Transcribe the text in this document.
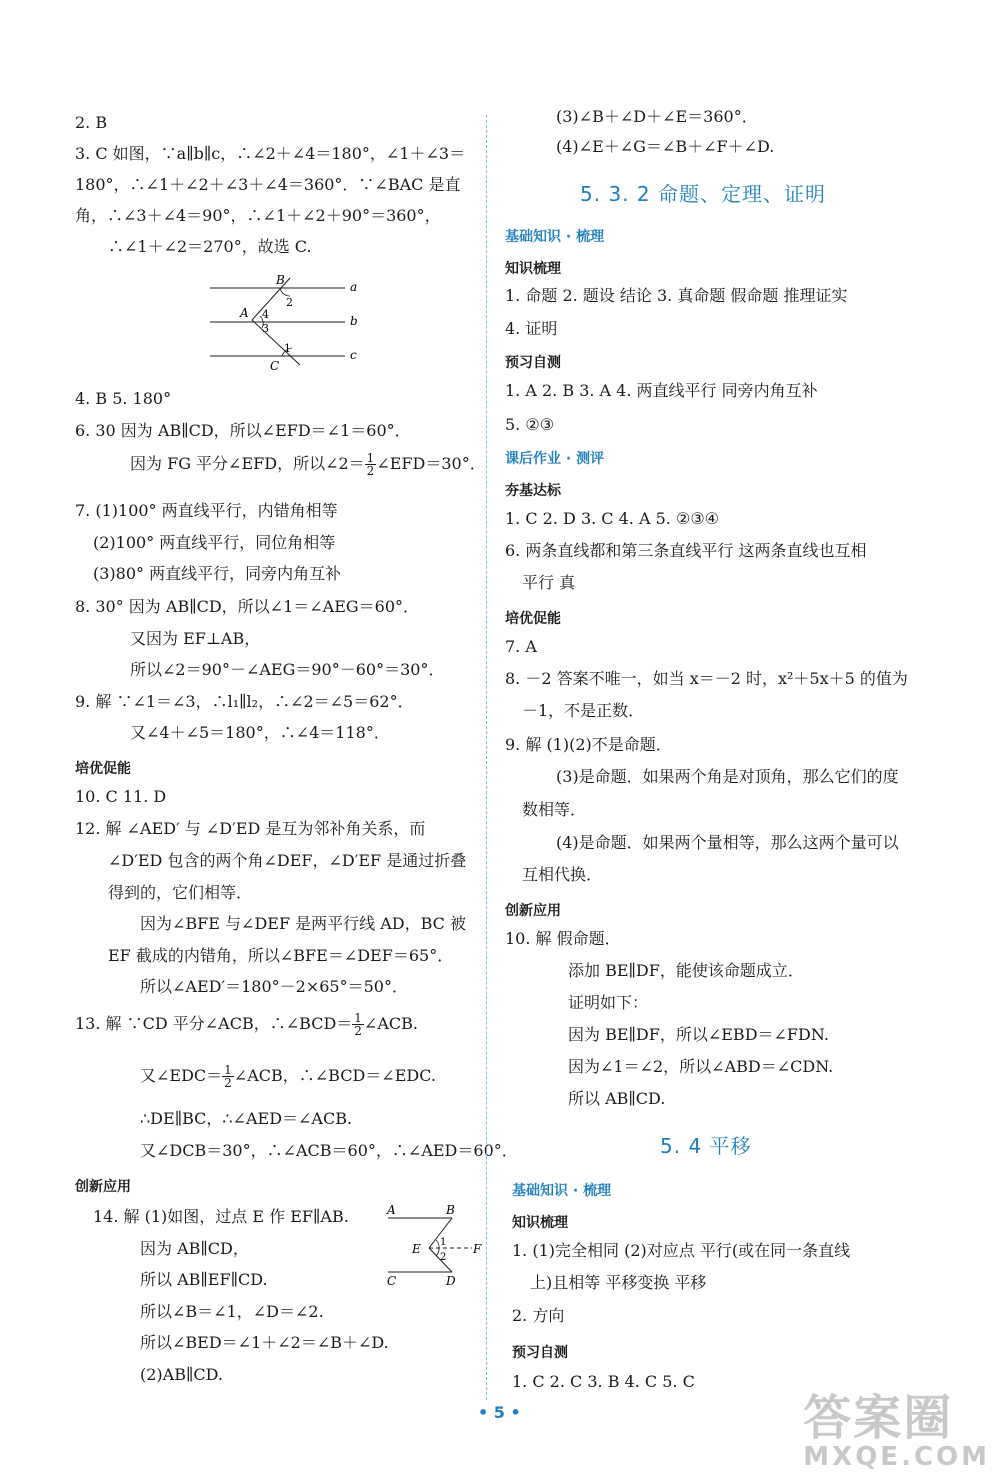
2. B
3. C 如图，∵a∥b∥c，∴∠2＋∠4＝180°，∠1＋∠3＝
180°，∴∠1＋∠2＋∠3＋∠4＝360°．∵∠BAC 是直
角，∴∠3＋∠4＝90°，∴∠1＋∠2＋90°＝360°，
∴∠1＋∠2＝270°，故选 C.
B
A
C
a
b
c
2
4
3
1
4. B 5. 180°
6. 30 因为 AB∥CD，所以∠EFD＝∠1＝60°．
因为 FG 平分∠EFD，所以∠2＝ $\frac{1}{2}$ ∠EFD＝30°．
7. (1)100° 两直线平行，内错角相等
(2)100° 两直线平行，同位角相等
(3)80° 两直线平行，同旁内角互补
8. 30° 因为 AB∥CD，所以∠1＝∠AEG＝60°．
又因为 EF⊥AB，
所以∠2＝90°－∠AEG＝90°－60°＝30°．
9. 解 ∵∠1＝∠3，∴l₁∥l₂，∴∠2＝∠5＝62°．
又∠4＋∠5＝180°，∴∠4＝118°．
培优促能
10. C 11. D
12. 解 ∠AED′ 与 ∠D′ED 是互为邻补角关系，而
∠D′ED 包含的两个角∠DEF，∠D′EF 是通过折叠
得到的，它们相等．
因为∠BFE 与∠DEF 是两平行线 AD，BC 被
EF 截成的内错角，所以∠BFE＝∠DEF＝65°．
所以∠AED′＝180°－2×65°＝50°．
13. 解 ∵CD 平分∠ACB，∴∠BCD＝ $\frac{1}{2}$ ∠ACB.
又∠EDC＝ $\frac{1}{2}$ ∠ACB，∴∠BCD＝∠EDC.
∴DE∥BC，∴∠AED＝∠ACB.
又∠DCB＝30°，∴∠ACB＝60°，∴∠AED＝60°．
创新应用
14. 解 (1)如图，过点 E 作 EF∥AB.
因为 AB∥CD，
所以 AB∥EF∥CD.
所以∠B＝∠1，∠D＝∠2.
所以∠BED＝∠1＋∠2＝∠B＋∠D.
(2)AB∥CD.
A	B
E	F
C	D
1
2
(3)∠B＋∠D＋∠E＝360°．
(4)∠E＋∠G＝∠B＋∠F＋∠D.
5. 3. 2 命题、定理、证明
基础知识 · 梳理
知识梳理
1. 命题 2. 题设 结论 3. 真命题 假命题 推理证实
4. 证明
预习自测
1. A 2. B 3. A 4. 两直线平行 同旁内角互补
5. ②③
课后作业 · 测评
夯基达标
1. C 2. D 3. C 4. A 5. ②③④
6. 两条直线都和第三条直线平行 这两条直线也互相
平行 真
培优促能
7. A
8. －2 答案不唯一，如当 x＝－2 时，x²＋5x＋5 的值为
－1，不是正数．
9. 解 (1)(2)不是命题．
(3)是命题．如果两个角是对顶角，那么它们的度
数相等．
(4)是命题．如果两个量相等，那么这两个量可以
互相代换．
创新应用
10. 解 假命题．
添加 BE∥DF，能使该命题成立．
证明如下：
因为 BE∥DF，所以∠EBD＝∠FDN.
因为∠1＝∠2，所以∠ABD＝∠CDN.
所以 AB∥CD.
5. 4 平移
基础知识 · 梳理
知识梳理
1. (1)完全相同 (2)对应点 平行(或在同一条直线
上)且相等 平移变换 平移
2. 方向
预习自测
1. C 2. C 3. B 4. C 5. C
• 5 •	答案圈
MXQE.COM
